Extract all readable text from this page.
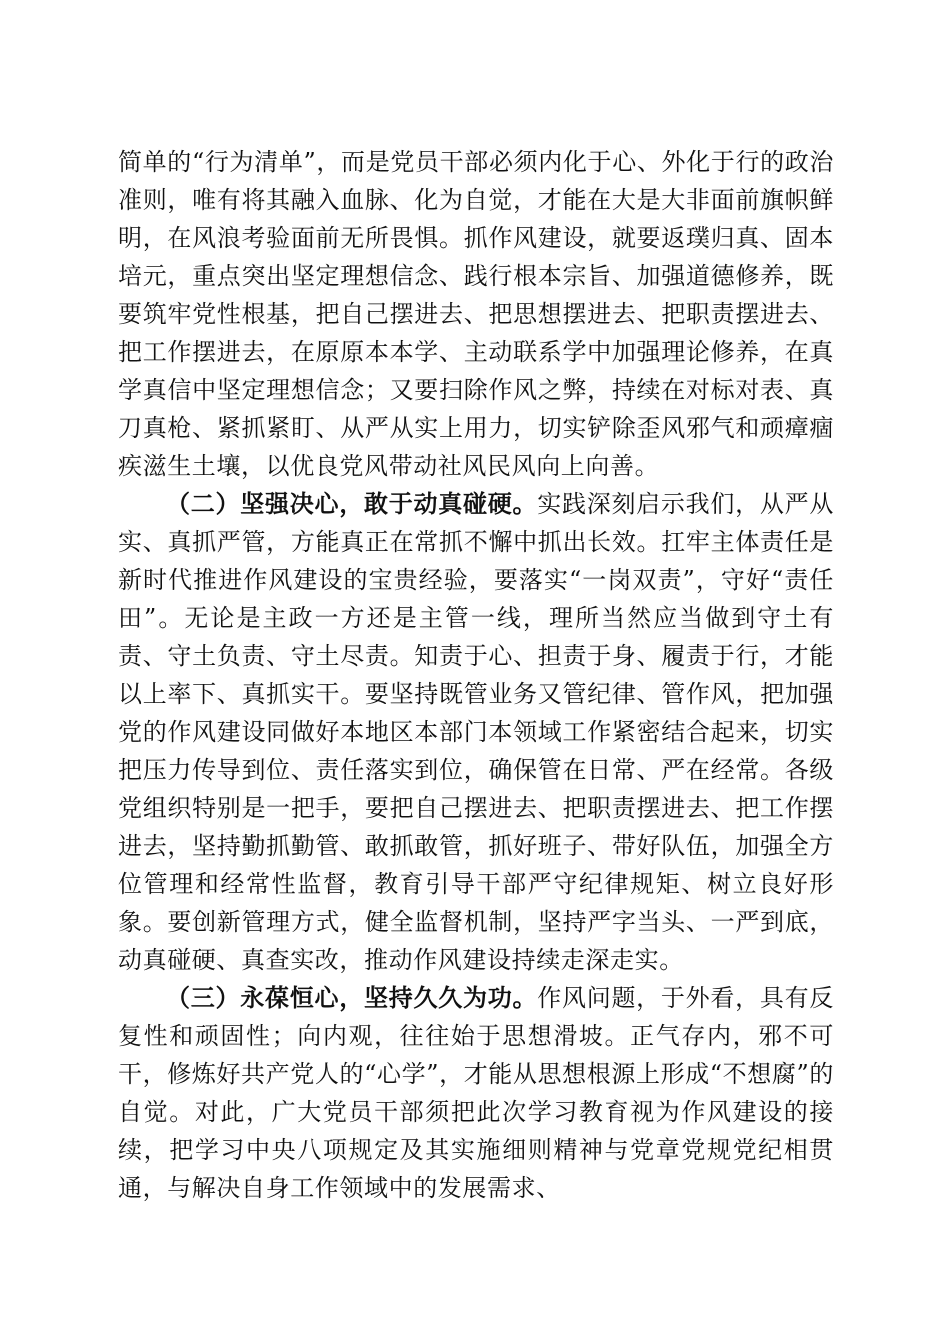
简单的“行为清单”，而是党员干部必须内化于心、外化于行的政治准则，唯有将其融入血脉、化为自觉，才能在大是大非面前旗帜鲜明，在风浪考验面前无所畏惧。抓作风建设，就要返璞归真、固本培元，重点突出坚定理想信念、践行根本宗旨、加强道德修养，既要筑牢党性根基，把自己摆进去、把思想摆进去、把职责摆进去、把工作摆进去，在原原本本学、主动联系学中加强理论修养，在真学真信中坚定理想信念；又要扫除作风之弊，持续在对标对表、真刀真枪、紧抓紧盯、从严从实上用力，切实铲除歪风邪气和顽瘴痼疾滋生土壤，以优良党风带动社风民风向上向善。

（二）坚强决心，敢于动真碰硬。实践深刻启示我们，从严从实、真抓严管，方能真正在常抓不懈中抓出长效。扛牢主体责任是新时代推进作风建设的宝贵经验，要落实“一岗双责”，守好“责任田”。无论是主政一方还是主管一线，理所当然应当做到守土有责、守土负责、守土尽责。知责于心、担责于身、履责于行，才能以上率下、真抓实干。要坚持既管业务又管纪律、管作风，把加强党的作风建设同做好本地区本部门本领域工作紧密结合起来，切实把压力传导到位、责任落实到位，确保管在日常、严在经常。各级党组织特别是一把手，要把自己摆进去、把职责摆进去、把工作摆进去，坚持勤抓勤管、敢抓敢管，抓好班子、带好队伍，加强全方位管理和经常性监督，教育引导干部严守纪律规矩、树立良好形象。要创新管理方式，健全监督机制，坚持严字当头、一严到底，动真碰硬、真查实改，推动作风建设持续走深走实。

（三）永葆恒心，坚持久久为功。作风问题，于外看，具有反复性和顽固性；向内观，往往始于思想滑坡。正气存内，邪不可干，修炼好共产党人的“心学”，才能从思想根源上形成“不想腐”的自觉。对此，广大党员干部须把此次学习教育视为作风建设的接续，把学习中央八项规定及其实施细则精神与党章党规党纪相贯通，与解决自身工作领域中的发展需求、
